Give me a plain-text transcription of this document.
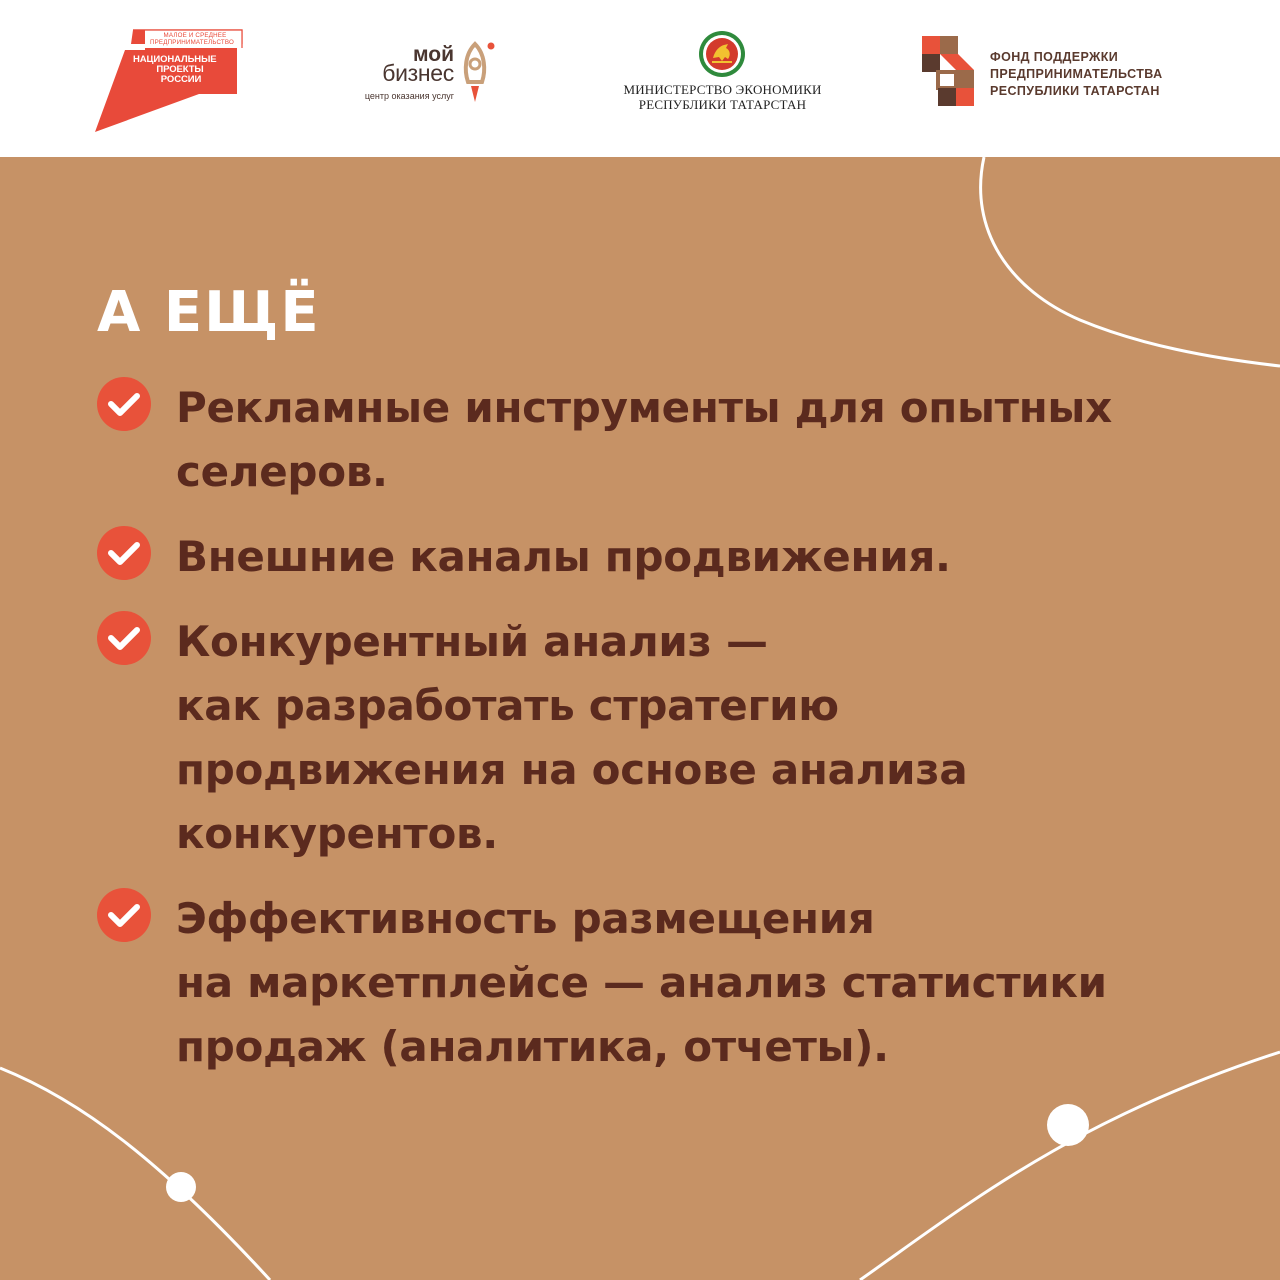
МАЛОЕ И СРЕДНЕЕ
ПРЕДПРИНИМАТЕЛЬСТВО
НАЦИОНАЛЬНЫЕ
ПРОЕКТЫ
РОССИИ
мой
бизнес
центр оказания услуг	МИНИСТЕРСТВО ЭКОНОМИКИ
РЕСПУБЛИКИ ТАТАРСТАН
ФОНД ПОДДЕРЖКИ
ПРЕДПРИНИМАТЕЛЬСТВА
РЕСПУБЛИКИ ТАТАРСТАН
А ЕЩЁ
Рекламные инструменты для опытных
селеров.
Внешние каналы продвижения.
Конкурентный анализ —
как разработать стратегию
продвижения на основе анализа
конкурентов.
Эффективность размещения
на маркетплейсе — анализ статистики
продаж (аналитика, отчеты).
